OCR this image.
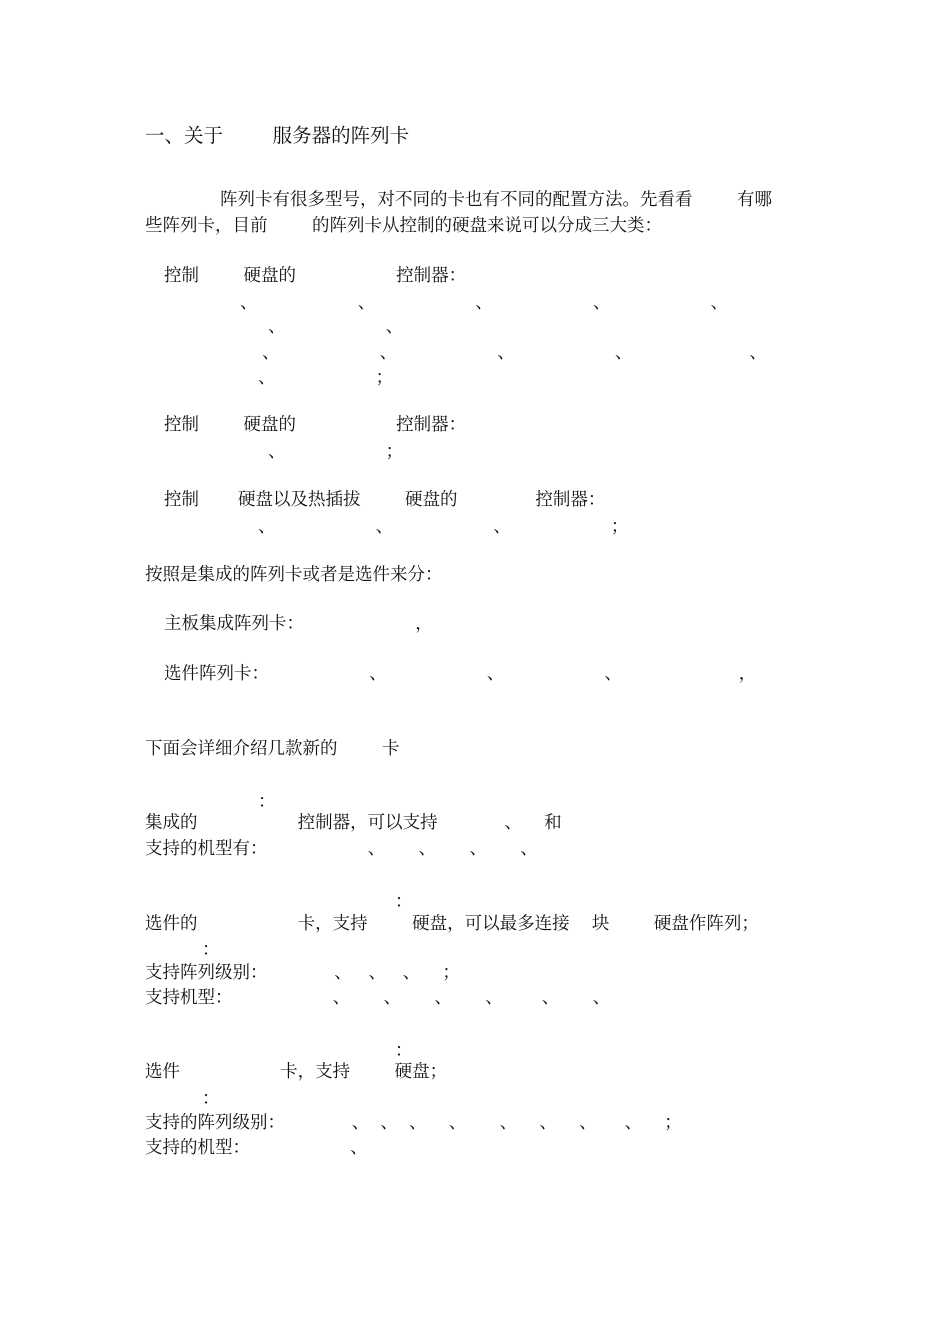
一、关于        服务器的阵列卡
阵列卡有很多型号，对不同的卡也有不同的配置方法。先看看        有哪
些阵列卡，目前        的阵列卡从控制的硬盘来说可以分成三大类：
控制        硬盘的                  控制器：
、                  、                  、                  、                  、
、                  、
、                  、                  、                  、                     、
、                  ；
控制        硬盘的                  控制器：
、                  ；
控制       硬盘以及热插拔        硬盘的              控制器：
、                  、                  、                  ；
按照是集成的阵列卡或者是选件来分：
主板集成阵列卡：                    ，
选件阵列卡：                  、                  、                  、                     ，
下面会详细介绍几款新的        卡
：
集成的                  控制器，可以支持            、    和
支持的机型有：                  、      、      、      、
：
选件的                  卡，支持        硬盘，可以最多连接    块        硬盘作阵列；
：
支持阵列级别：            、   、   、    ；
支持机型：                  、      、      、      、       、      、
：
选件                  卡，支持        硬盘；
：
支持的阵列级别：            、  、  、    、      、    、    、     、    ；
支持的机型：                  、
